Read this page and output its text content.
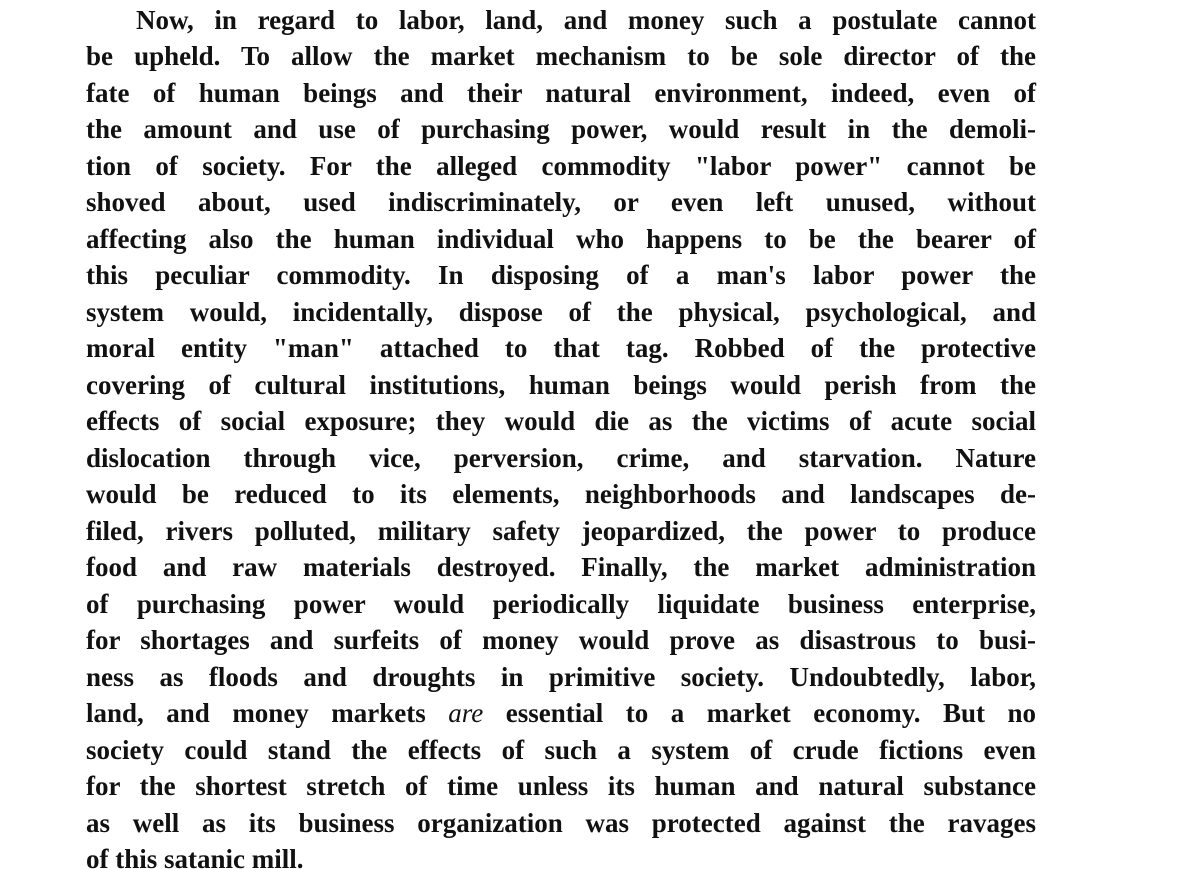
Now, in regard to labor, land, and money such a postulate cannot
be upheld. To allow the market mechanism to be sole director of the
fate of human beings and their natural environment, indeed, even of
the amount and use of purchasing power, would result in the demoli-
tion of society. For the alleged commodity "labor power" cannot be
shoved about, used indiscriminately, or even left unused, without
affecting also the human individual who happens to be the bearer of
this peculiar commodity. In disposing of a man's labor power the
system would, incidentally, dispose of the physical, psychological, and
moral entity "man" attached to that tag. Robbed of the protective
covering of cultural institutions, human beings would perish from the
effects of social exposure; they would die as the victims of acute social
dislocation through vice, perversion, crime, and starvation. Nature
would be reduced to its elements, neighborhoods and landscapes de-
filed, rivers polluted, military safety jeopardized, the power to produce
food and raw materials destroyed. Finally, the market administration
of purchasing power would periodically liquidate business enterprise,
for shortages and surfeits of money would prove as disastrous to busi-
ness as floods and droughts in primitive society. Undoubtedly, labor,
land, and money markets are essential to a market economy. But no
society could stand the effects of such a system of crude fictions even
for the shortest stretch of time unless its human and natural substance
as well as its business organization was protected against the ravages
of this satanic mill.
